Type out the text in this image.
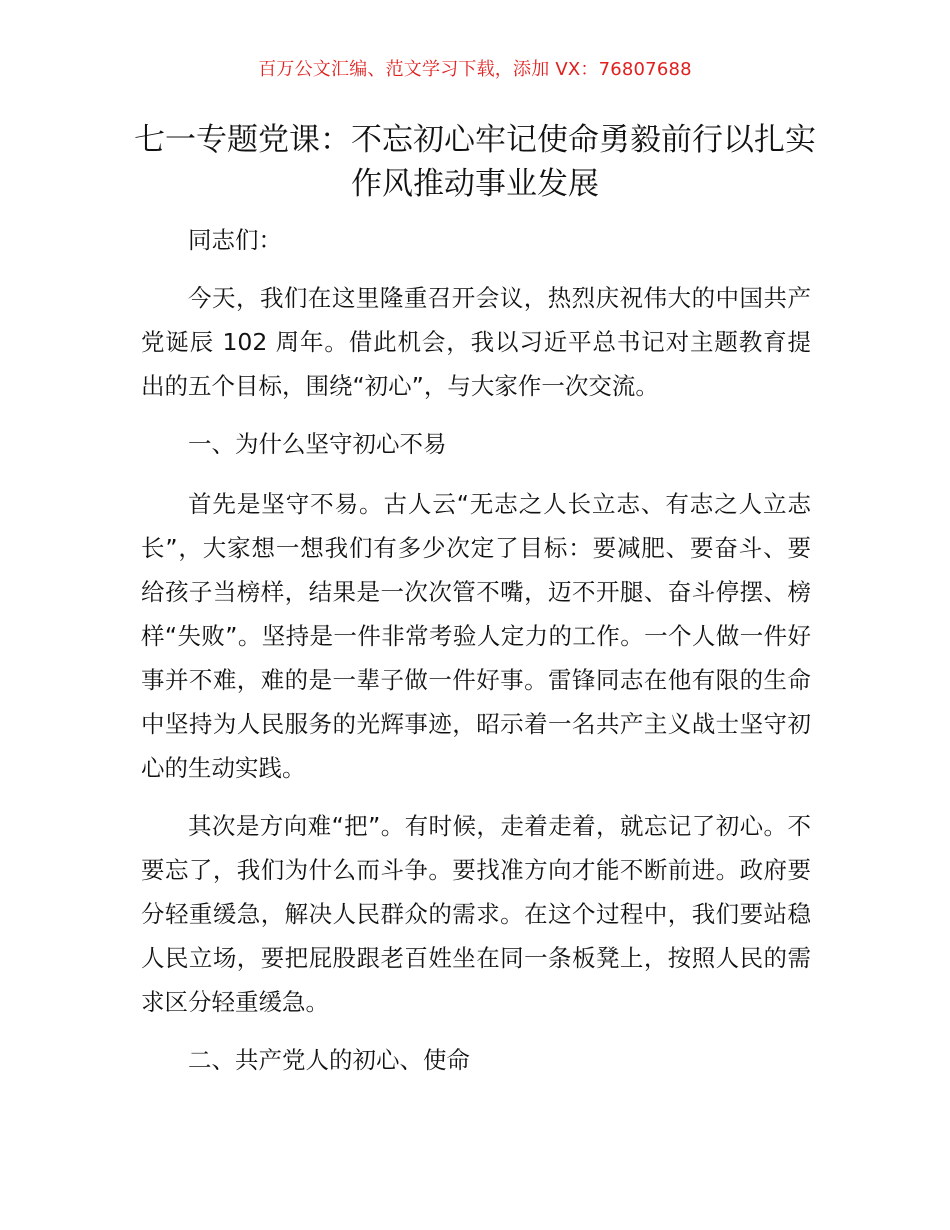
百万公文汇编、范文学习下载，添加 VX：76807688
七一专题党课：不忘初心牢记使命勇毅前行以扎实作风推动事业发展

同志们：

今天，我们在这里隆重召开会议，热烈庆祝伟大的中国共产党诞辰 102 周年。借此机会，我以习近平总书记对主题教育提出的五个目标，围绕“初心”，与大家作一次交流。

一、为什么坚守初心不易

首先是坚守不易。古人云“无志之人长立志、有志之人立志长”，大家想一想我们有多少次定了目标：要减肥、要奋斗、要给孩子当榜样，结果是一次次管不嘴，迈不开腿、奋斗停摆、榜样“失败”。坚持是一件非常考验人定力的工作。一个人做一件好事并不难，难的是一辈子做一件好事。雷锋同志在他有限的生命中坚持为人民服务的光辉事迹，昭示着一名共产主义战士坚守初心的生动实践。

其次是方向难“把”。有时候，走着走着，就忘记了初心。不要忘了，我们为什么而斗争。要找准方向才能不断前进。政府要分轻重缓急，解决人民群众的需求。在这个过程中，我们要站稳人民立场，要把屁股跟老百姓坐在同一条板凳上，按照人民的需求区分轻重缓急。

二、共产党人的初心、使命
